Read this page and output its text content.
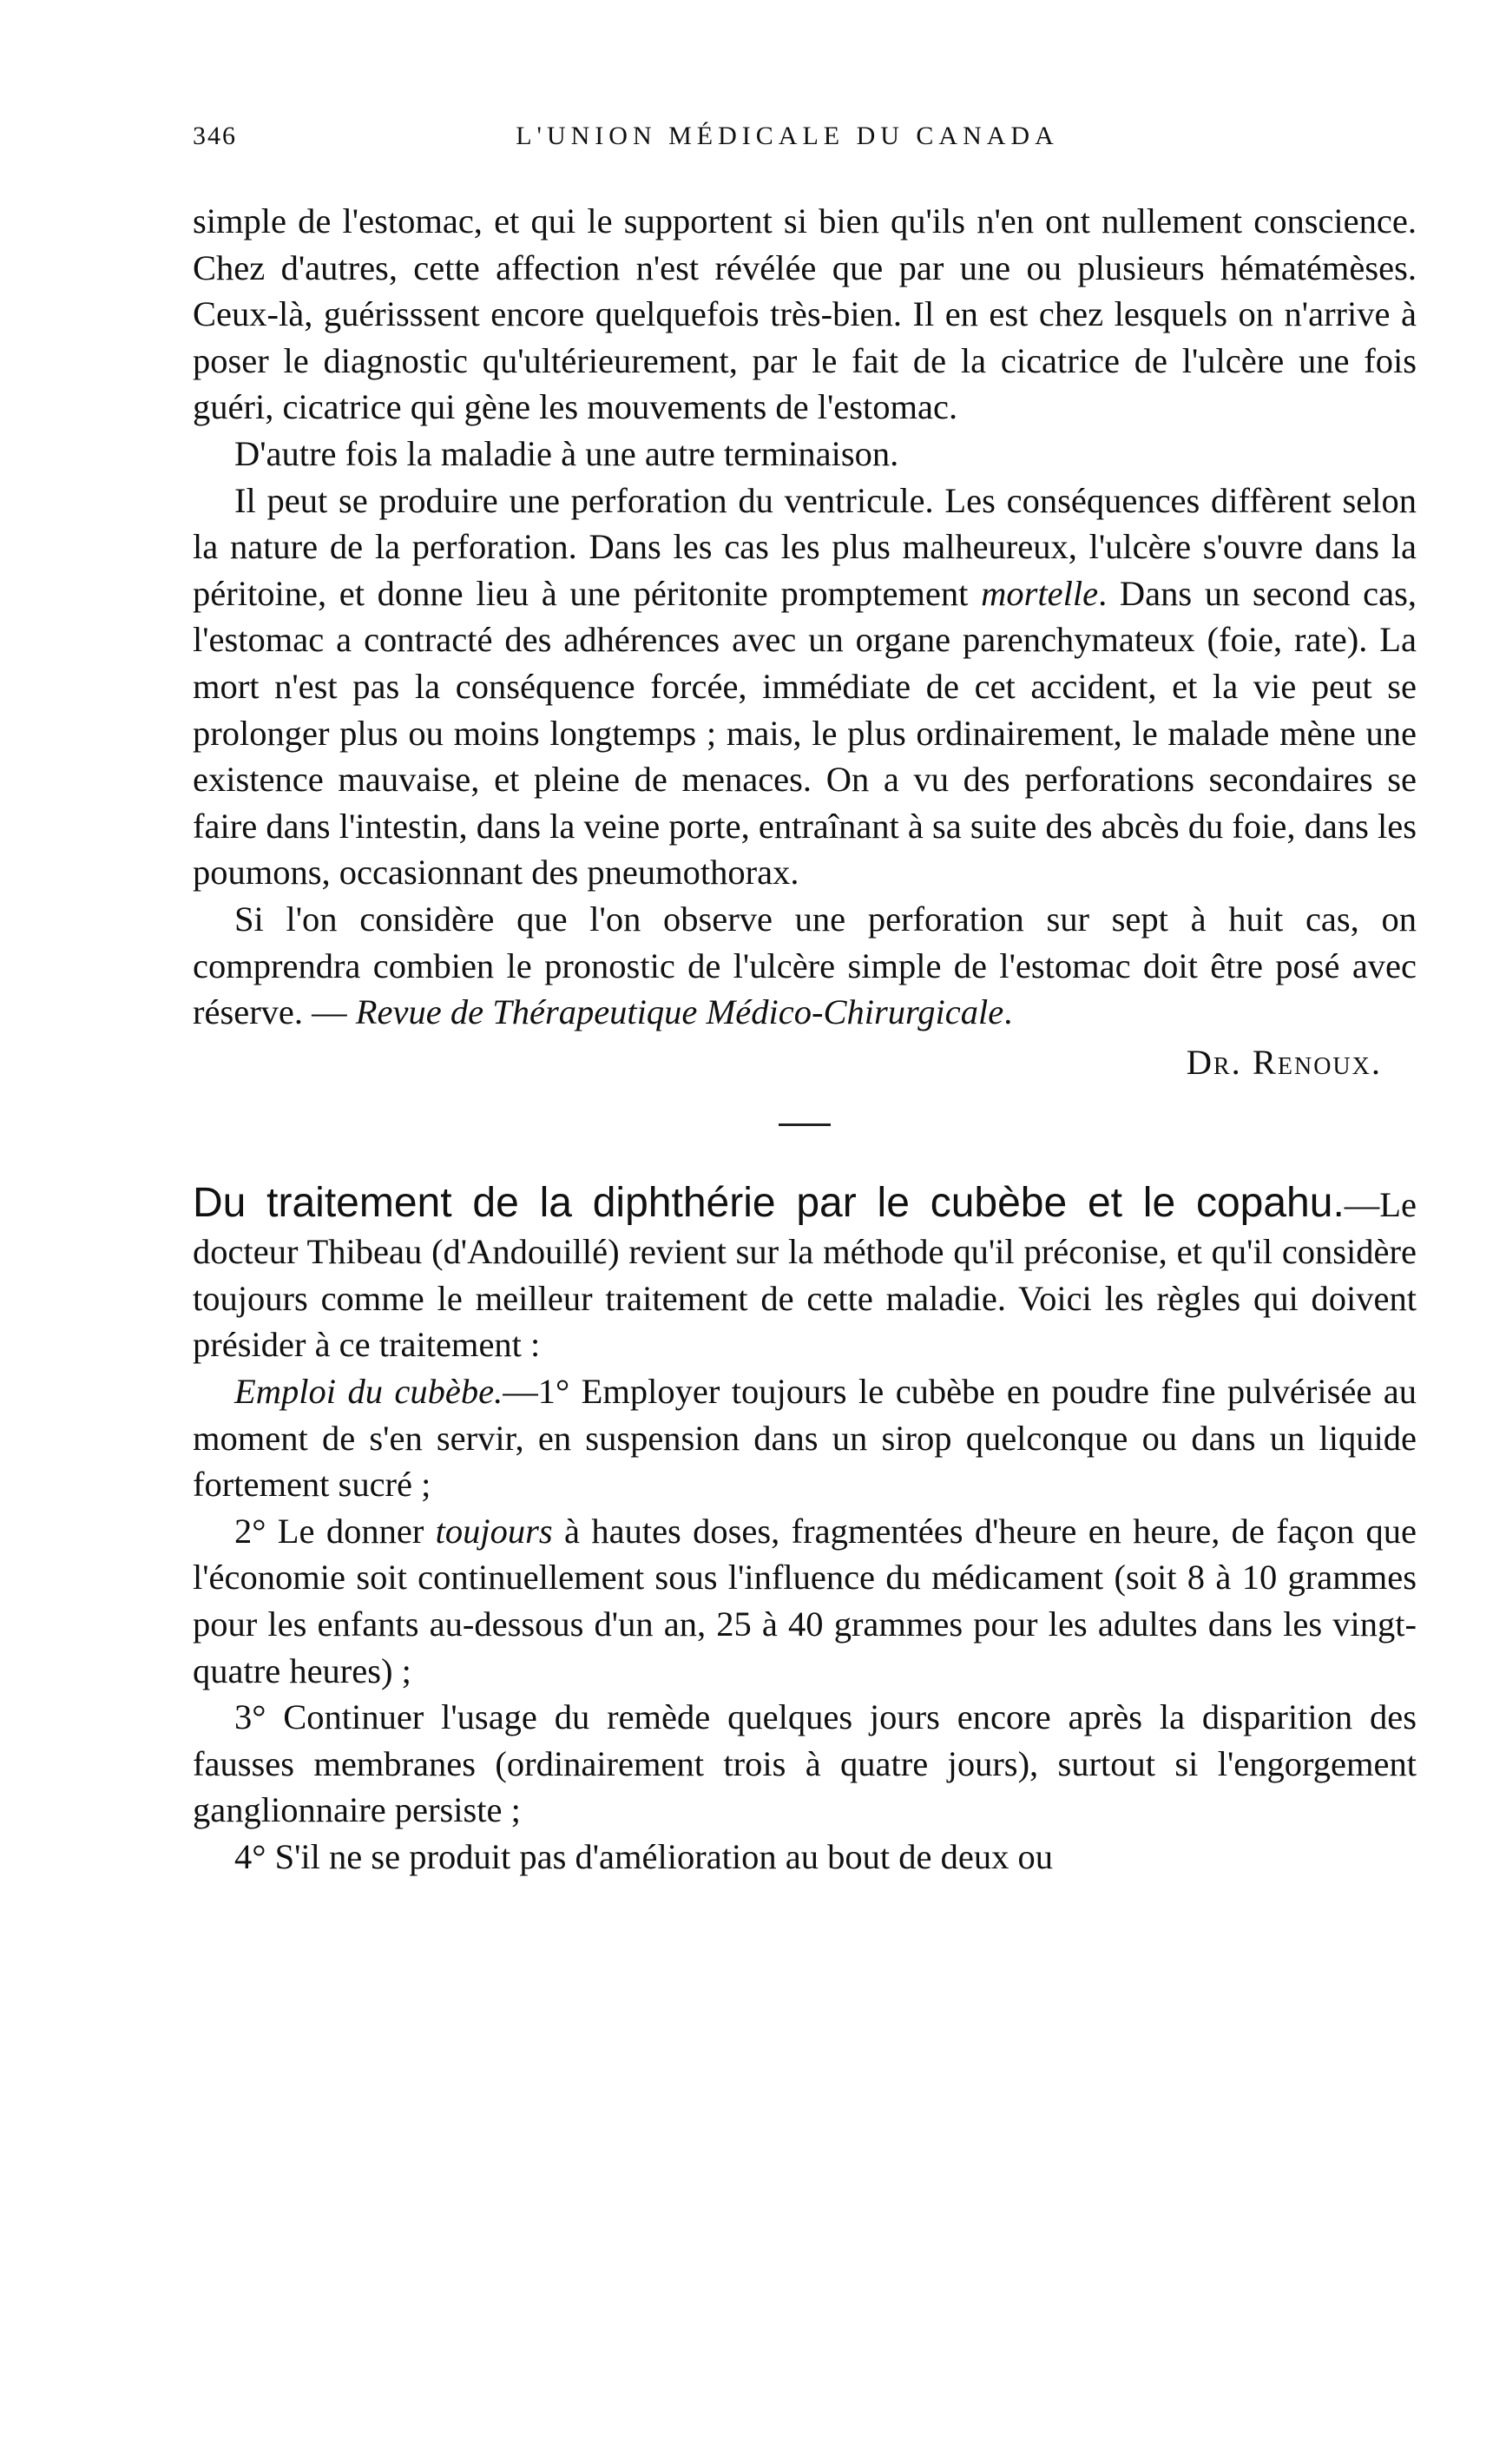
346	L'UNION MÉDICALE DU CANADA

simple de l'estomac, et qui le supportent si bien qu'ils n'en ont nullement conscience. Chez d'autres, cette affection n'est révélée que par une ou plusieurs hématémèses. Ceux-là, guérisssent encore quelquefois très-bien. Il en est chez lesquels on n'arrive à poser le diagnostic qu'ultérieurement, par le fait de la cicatrice de l'ulcère une fois guéri, cicatrice qui gène les mouvements de l'estomac.

D'autre fois la maladie à une autre terminaison.

Il peut se produire une perforation du ventricule. Les conséquences diffèrent selon la nature de la perforation. Dans les cas les plus malheureux, l'ulcère s'ouvre dans la péritoine, et donne lieu à une péritonite promptement mortelle. Dans un second cas, l'estomac a contracté des adhérences avec un organe parenchymateux (foie, rate). La mort n'est pas la conséquence forcée, immédiate de cet accident, et la vie peut se prolonger plus ou moins longtemps ; mais, le plus ordinairement, le malade mène une existence mauvaise, et pleine de menaces. On a vu des perforations secondaires se faire dans l'intestin, dans la veine porte, entraînant à sa suite des abcès du foie, dans les poumons, occasionnant des pneumothorax.

Si l'on considère que l'on observe une perforation sur sept à huit cas, on comprendra combien le pronostic de l'ulcère simple de l'estomac doit être posé avec réserve. — Revue de Thérapeutique Médico-Chirurgicale.

Dr. Renoux.

Du traitement de la diphthérie par le cubèbe et le copahu.—Le docteur Thibeau (d'Andouillé) revient sur la méthode qu'il préconise, et qu'il considère toujours comme le meilleur traitement de cette maladie. Voici les règles qui doivent présider à ce traitement :

Emploi du cubèbe.—1° Employer toujours le cubèbe en poudre fine pulvérisée au moment de s'en servir, en suspension dans un sirop quelconque ou dans un liquide fortement sucré ;

2° Le donner toujours à hautes doses, fragmentées d'heure en heure, de façon que l'économie soit continuellement sous l'influence du médicament (soit 8 à 10 grammes pour les enfants au-dessous d'un an, 25 à 40 grammes pour les adultes dans les vingt-quatre heures) ;

3° Continuer l'usage du remède quelques jours encore après la disparition des fausses membranes (ordinairement trois à quatre jours), surtout si l'engorgement ganglionnaire persiste ;

4° S'il ne se produit pas d'amélioration au bout de deux ou
